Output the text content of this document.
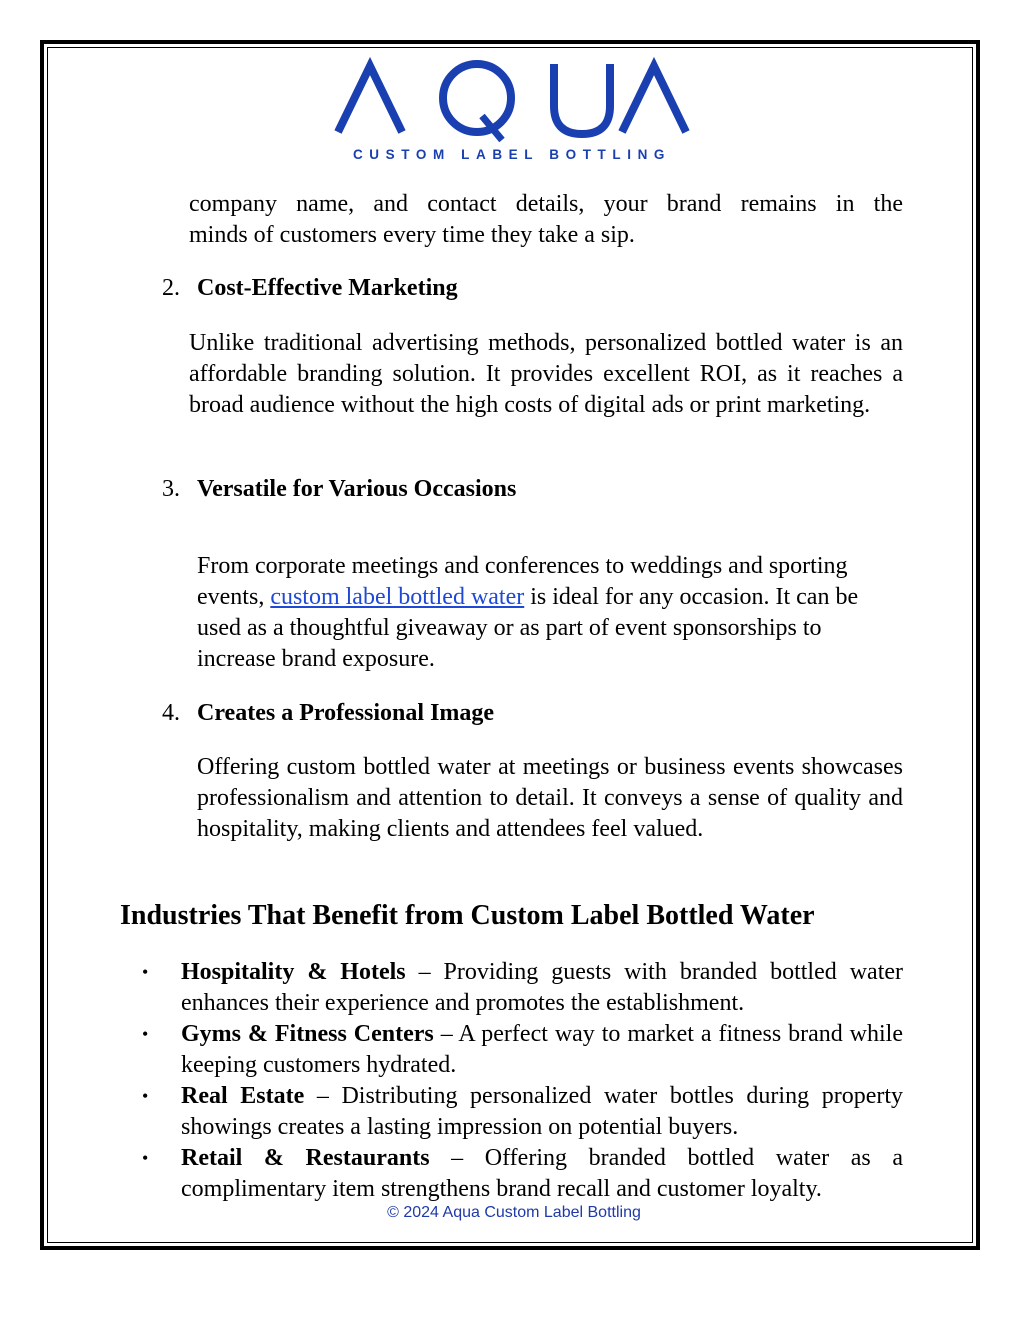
CUSTOM LABEL BOTTLING

company name, and contact details, your brand remains in the

minds of customers every time they take a sip.

2. Cost-Effective Marketing

Unlike traditional advertising methods, personalized bottled water is an affordable branding solution. It provides excellent ROI, as it reaches a broad audience without the high costs of digital ads or print marketing.

3. Versatile for Various Occasions

From corporate meetings and conferences to weddings and sporting events, custom label bottled water is ideal for any occasion. It can be used as a thoughtful giveaway or as part of event sponsorships to increase brand exposure.

4. Creates a Professional Image

Offering custom bottled water at meetings or business events showcases professionalism and attention to detail. It conveys a sense of quality and hospitality, making clients and attendees feel valued.

Industries That Benefit from Custom Label Bottled Water
• Hospitality & Hotels – Providing guests with branded bottled water enhances their experience and promotes the establishment.
• Gyms & Fitness Centers – A perfect way to market a fitness brand while keeping customers hydrated.
• Real Estate – Distributing personalized water bottles during property showings creates a lasting impression on potential buyers.
• Retail & Restaurants – Offering branded bottled water as a complimentary item strengthens brand recall and customer loyalty.
© 2024 Aqua Custom Label Bottling
